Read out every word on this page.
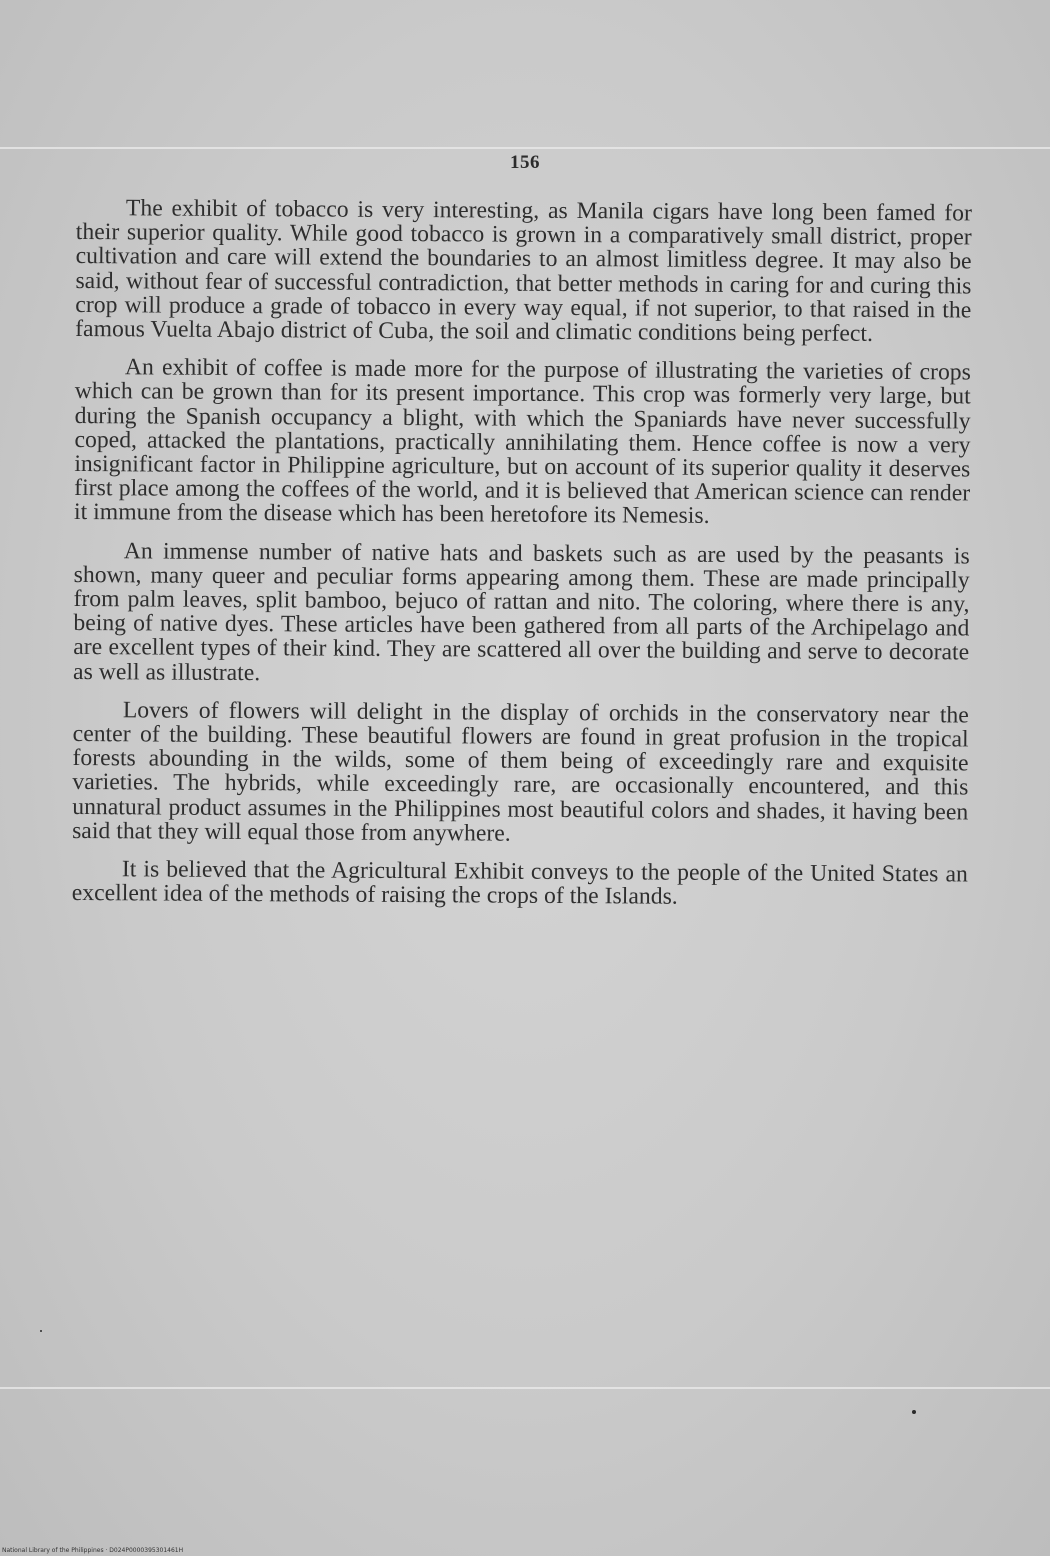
156

The exhibit of tobacco is very interesting, as Manila cigars have long been famed for their superior quality. While good tobacco is grown in a comparatively small district, proper cultivation and care will extend the boundaries to an almost limitless degree. It may also be said, without fear of successful contradiction, that better methods in caring for and curing this crop will produce a grade of tobacco in every way equal, if not superior, to that raised in the famous Vuelta Abajo district of Cuba, the soil and climatic conditions being perfect.

An exhibit of coffee is made more for the purpose of illustrating the varieties of crops which can be grown than for its present importance. This crop was formerly very large, but during the Spanish occupancy a blight, with which the Spaniards have never successfully coped, attacked the plantations, practically annihilating them. Hence coffee is now a very insignificant factor in Philippine agriculture, but on account of its superior quality it deserves first place among the coffees of the world, and it is believed that American science can render it immune from the disease which has been heretofore its Nemesis.

An immense number of native hats and baskets such as are used by the peasants is shown, many queer and peculiar forms appearing among them. These are made principally from palm leaves, split bamboo, bejuco of rattan and nito. The coloring, where there is any, being of native dyes. These articles have been gathered from all parts of the Archipelago and are excellent types of their kind. They are scattered all over the building and serve to decorate as well as illustrate.

Lovers of flowers will delight in the display of orchids in the conservatory near the center of the building. These beautiful flowers are found in great profusion in the tropical forests abounding in the wilds, some of them being of exceedingly rare and exquisite varieties. The hybrids, while exceedingly rare, are occasionally encountered, and this unnatural product assumes in the Philippines most beautiful colors and shades, it having been said that they will equal those from anywhere.

It is believed that the Agricultural Exhibit conveys to the people of the United States an excellent idea of the methods of raising the crops of the Islands.

National Library of the Philippines · D024P0000395301461H
